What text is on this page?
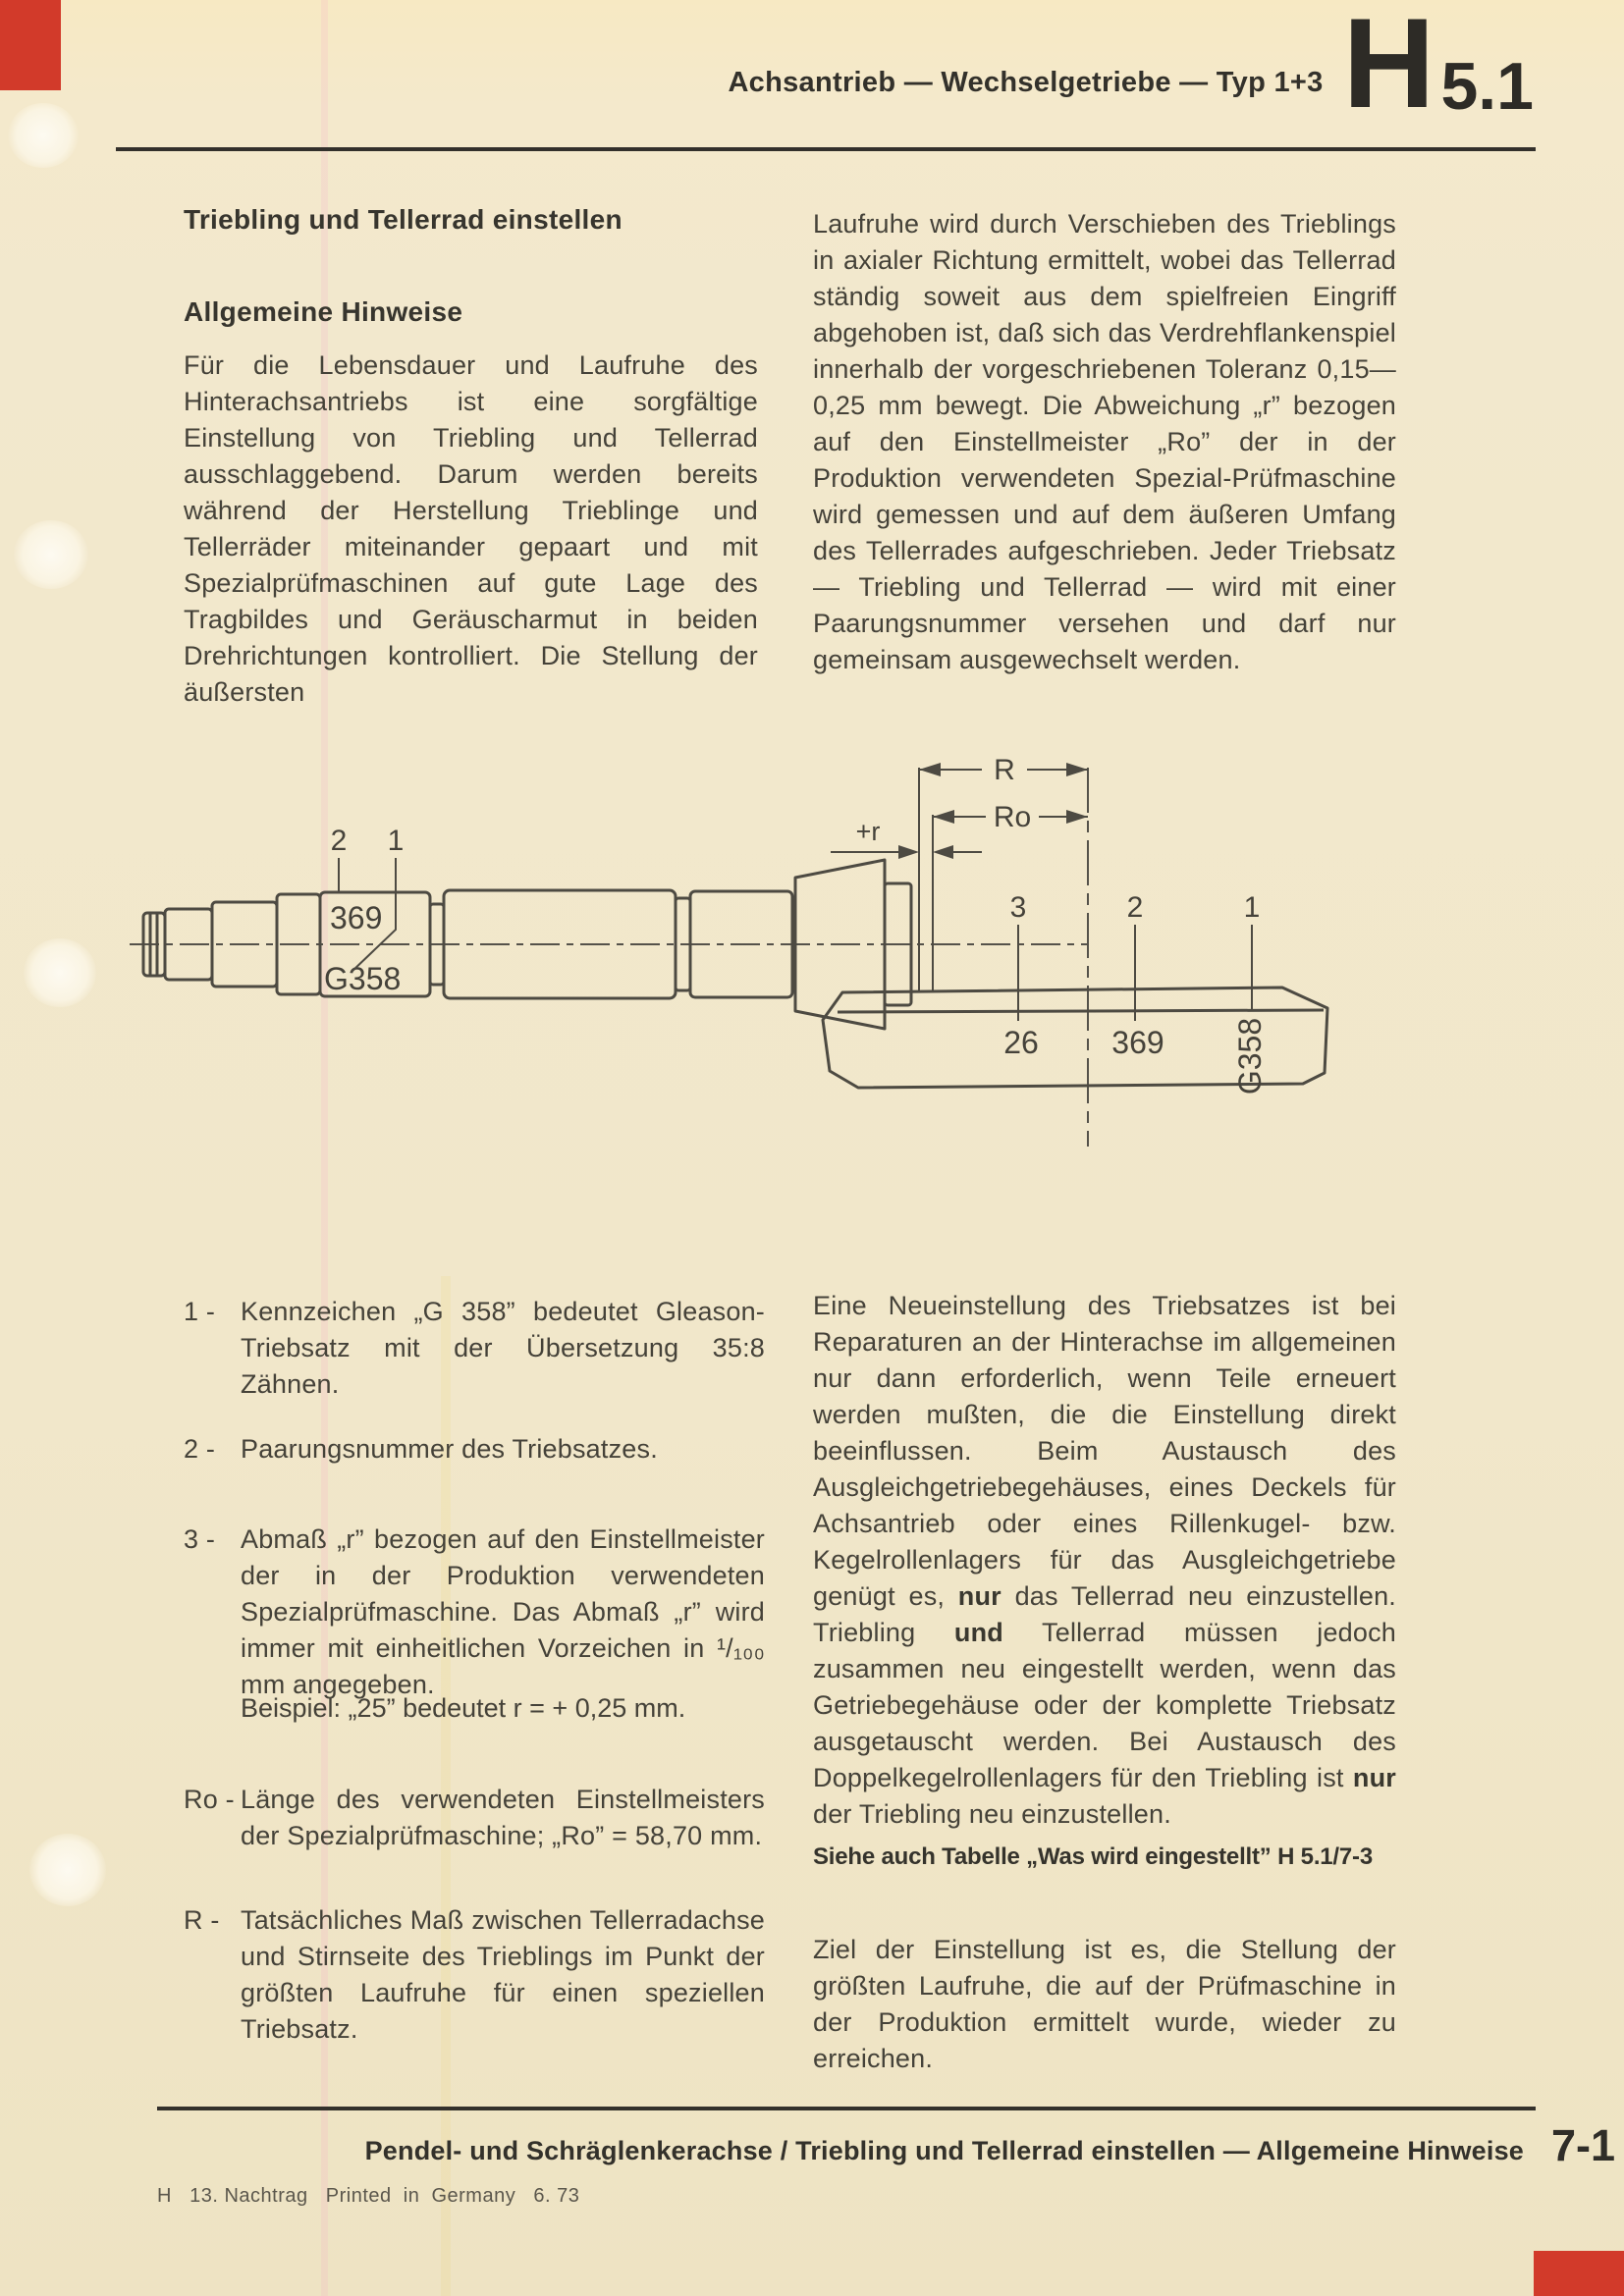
Achsantrieb — Wechselgetriebe — Typ 1+3 H 5.1
Triebling und Tellerrad einstellen
Allgemeine Hinweise
Für die Lebensdauer und Laufruhe des Hinterachsantriebs ist eine sorgfältige Einstellung von Triebling und Tellerrad ausschlaggebend. Darum werden bereits während der Herstellung Trieblinge und Tellerräder miteinander gepaart und mit Spezialprüfmaschinen auf gute Lage des Tragbildes und Geräuscharmut in beiden Drehrichtungen kontrolliert. Die Stellung der äußersten
Laufruhe wird durch Verschieben des Trieblings in axialer Richtung ermittelt, wobei das Tellerrad ständig soweit aus dem spielfreien Eingriff abgehoben ist, daß sich das Verdrehflankenspiel innerhalb der vorgeschriebenen Toleranz 0,15—0,25 mm bewegt. Die Abweichung „r” bezogen auf den Einstellmeister „Ro” der in der Produktion verwendeten Spezial-Prüfmaschine wird gemessen und auf dem äußeren Umfang des Tellerrades aufgeschrieben. Jeder Triebsatz — Triebling und Tellerrad — wird mit einer Paarungsnummer versehen und darf nur gemeinsam ausgewechselt werden.
369
G358
2 1
R
Ro
+r
3
26
2
369
1
G358
1 - Kennzeichen „G 358” bedeutet Gleason-Triebsatz mit der Übersetzung 35:8 Zähnen.
2 - Paarungsnummer des Triebsatzes.
3 - Abmaß „r” bezogen auf den Einstellmeister der in der Produktion verwendeten Spezialprüfmaschine. Das Abmaß „r” wird immer mit einheitlichen Vorzeichen in ¹/₁₀₀ mm angegeben.
Beispiel: „25” bedeutet r = + 0,25 mm.
Ro - Länge des verwendeten Einstellmeisters der Spezialprüfmaschine; „Ro” = 58,70 mm.
R - Tatsächliches Maß zwischen Tellerradachse und Stirnseite des Trieblings im Punkt der größten Laufruhe für einen speziellen Triebsatz.
Eine Neueinstellung des Triebsatzes ist bei Reparaturen an der Hinterachse im allgemeinen nur dann erforderlich, wenn Teile erneuert werden mußten, die die Einstellung direkt beeinflussen. Beim Austausch des Ausgleichgetriebegehäuses, eines Deckels für Achsantrieb oder eines Rillenkugel- bzw. Kegelrollenlagers für das Ausgleichgetriebe genügt es, nur das Tellerrad neu einzustellen. Triebling und Tellerrad müssen jedoch zusammen neu eingestellt werden, wenn das Getriebegehäuse oder der komplette Triebsatz ausgetauscht werden. Bei Austausch des Doppelkegelrollenlagers für den Triebling ist nur der Triebling neu einzustellen.
Siehe auch Tabelle „Was wird eingestellt” H 5.1/7-3
Ziel der Einstellung ist es, die Stellung der größten Laufruhe, die auf der Prüfmaschine in der Produktion ermittelt wurde, wieder zu erreichen.
Pendel- und Schräglenkerachse / Triebling und Tellerrad einstellen — Allgemeine Hinweise 7-1
H   13. Nachtrag   Printed  in  Germany   6. 73
